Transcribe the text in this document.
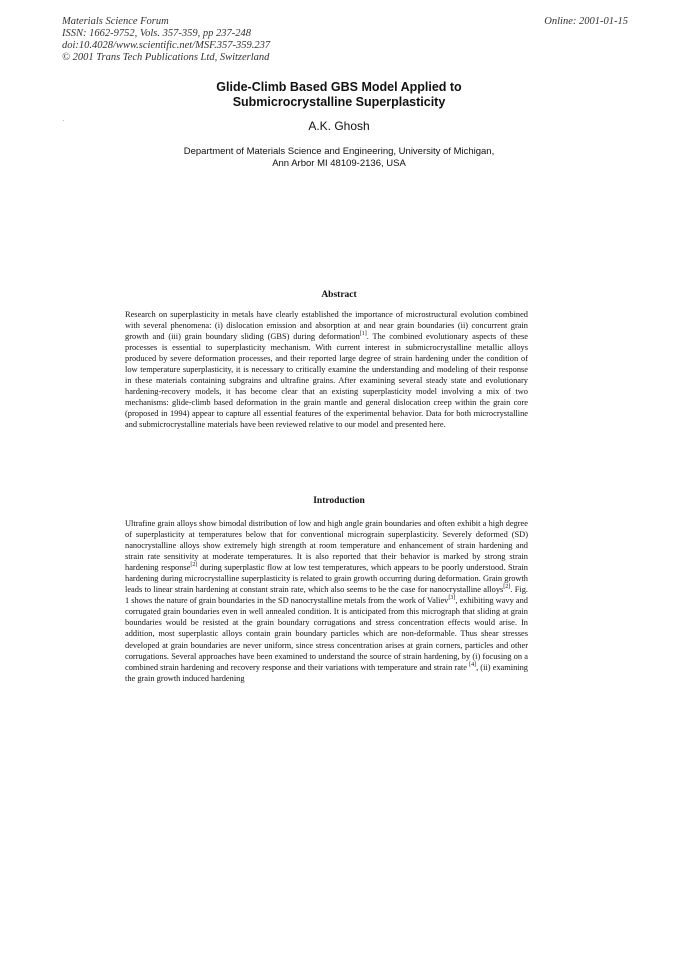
Materials Science Forum
ISSN: 1662-9752, Vols. 357-359, pp 237-248
doi:10.4028/www.scientific.net/MSF.357-359.237
© 2001 Trans Tech Publications Ltd, Switzerland
Online: 2001-01-15
Glide-Climb Based GBS Model Applied to
Submicrocrystalline Superplasticity
A.K. Ghosh
Department of Materials Science and Engineering, University of Michigan,
Ann Arbor MI 48109-2136, USA
Abstract
Research on superplasticity in metals have clearly established the importance of microstructural evolution combined with several phenomena: (i) dislocation emission and absorption at and near grain boundaries (ii) concurrent grain growth and (iii) grain boundary sliding (GBS) during deformation[1]. The combined evolutionary aspects of these processes is essential to superplasticity mechanism. With current interest in submicrocrystalline metallic alloys produced by severe deformation processes, and their reported large degree of strain hardening under the condition of low temperature superplasticity, it is necessary to critically examine the understanding and modeling of their response in these materials containing subgrains and ultrafine grains. After examining several steady state and evolutionary hardening-recovery models, it has become clear that an existing superplasticity model involving a mix of two mechanisms: glide-climb based deformation in the grain mantle and general dislocation creep within the grain core (proposed in 1994) appear to capture all essential features of the experimental behavior. Data for both microcrystalline and submicrocrystalline materials have been reviewed relative to our model and presented here.
Introduction
Ultrafine grain alloys show bimodal distribution of low and high angle grain boundaries and often exhibit a high degree of superplasticity at temperatures below that for conventional micrograin superplasticity. Severely deformed (SD) nanocrystalline alloys show extremely high strength at room temperature and enhancement of strain hardening and strain rate sensitivity at moderate temperatures. It is also reported that their behavior is marked by strong strain hardening response[2] during superplastic flow at low test temperatures, which appears to be poorly understood. Strain hardening during microcrystalline superplasticity is related to grain growth occurring during deformation. Grain growth leads to linear strain hardening at constant strain rate, which also seems to be the case for nanocrystalline alloys[2]. Fig. 1 shows the nature of grain boundaries in the SD nanocrystalline metals from the work of Valiev[3], exhibiting wavy and corrugated grain boundaries even in well annealed condition. It is anticipated from this micrograph that sliding at grain boundaries would be resisted at the grain boundary corrugations and stress concentration effects would arise. In addition, most superplastic alloys contain grain boundary particles which are non-deformable. Thus shear stresses developed at grain boundaries are never uniform, since stress concentration arises at grain corners, particles and other corrugations. Several approaches have been examined to understand the source of strain hardening, by (i) focusing on a combined strain hardening and recovery response and their variations with temperature and strain rate [4], (ii) examining the grain growth induced hardening
